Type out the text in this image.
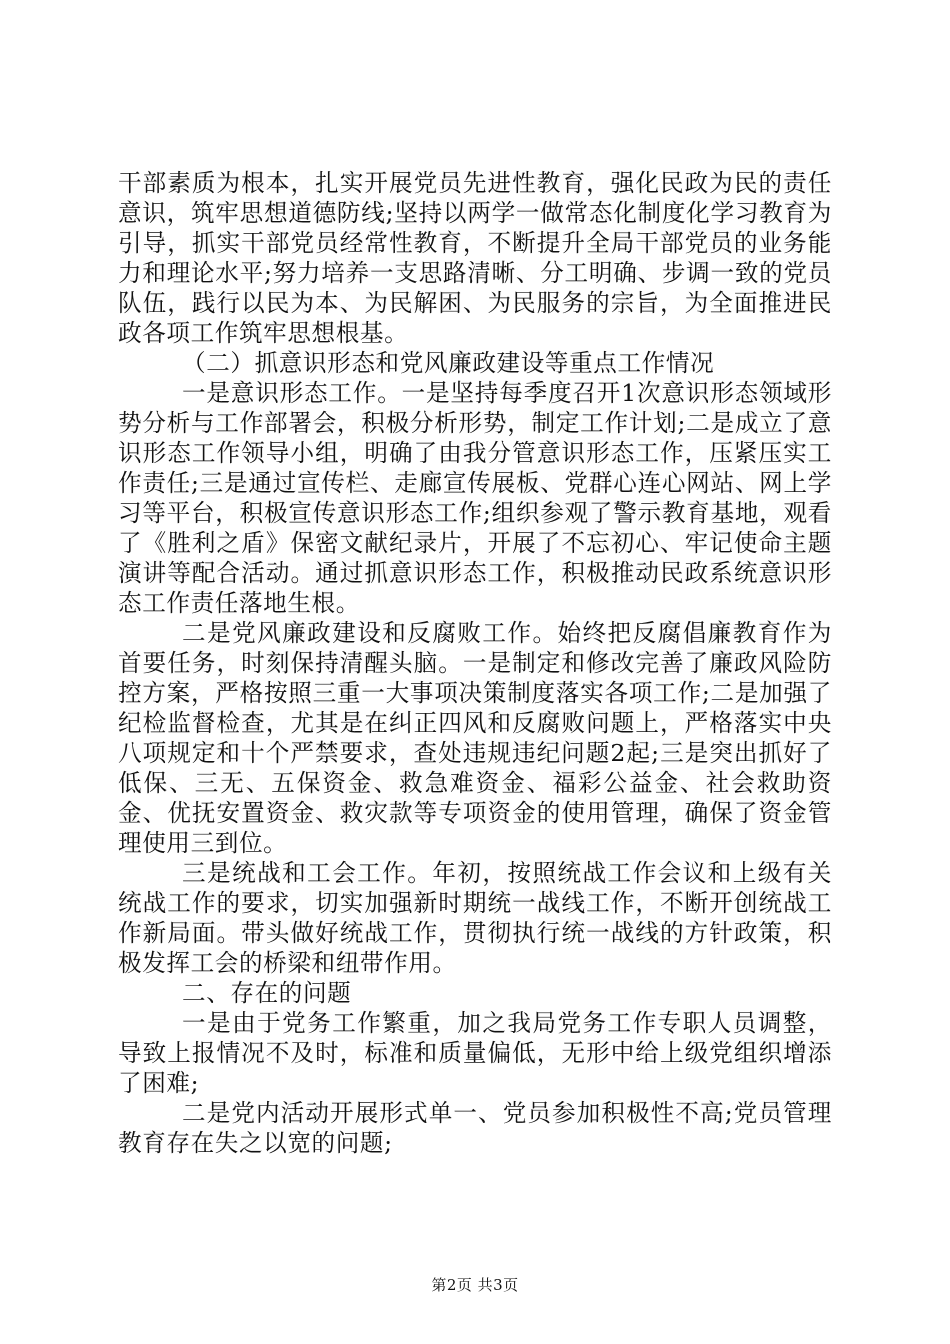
干部素质为根本，扎实开展党员先进性教育，强化民政为民的责任意识，筑牢思想道德防线;坚持以两学一做常态化制度化学习教育为引导，抓实干部党员经常性教育，不断提升全局干部党员的业务能力和理论水平;努力培养一支思路清晰、分工明确、步调一致的党员队伍，践行以民为本、为民解困、为民服务的宗旨，为全面推进民政各项工作筑牢思想根基。

（二）抓意识形态和党风廉政建设等重点工作情况

一是意识形态工作。一是坚持每季度召开1次意识形态领域形势分析与工作部署会，积极分析形势，制定工作计划;二是成立了意识形态工作领导小组，明确了由我分管意识形态工作，压紧压实工作责任;三是通过宣传栏、走廊宣传展板、党群心连心网站、网上学习等平台，积极宣传意识形态工作;组织参观了警示教育基地，观看了《胜利之盾》保密文献纪录片，开展了不忘初心、牢记使命主题演讲等配合活动。通过抓意识形态工作，积极推动民政系统意识形态工作责任落地生根。

二是党风廉政建设和反腐败工作。始终把反腐倡廉教育作为首要任务，时刻保持清醒头脑。一是制定和修改完善了廉政风险防控方案，严格按照三重一大事项决策制度落实各项工作;二是加强了纪检监督检查，尤其是在纠正四风和反腐败问题上，严格落实中央八项规定和十个严禁要求，查处违规违纪问题2起;三是突出抓好了低保、三无、五保资金、救急难资金、福彩公益金、社会救助资金、优抚安置资金、救灾款等专项资金的使用管理，确保了资金管理使用三到位。

三是统战和工会工作。年初，按照统战工作会议和上级有关统战工作的要求，切实加强新时期统一战线工作，不断开创统战工作新局面。带头做好统战工作，贯彻执行统一战线的方针政策，积极发挥工会的桥梁和纽带作用。

二、存在的问题

一是由于党务工作繁重，加之我局党务工作专职人员调整，导致上报情况不及时，标准和质量偏低，无形中给上级党组织增添了困难;

二是党内活动开展形式单一、党员参加积极性不高;党员管理教育存在失之以宽的问题;

第2页 共3页
